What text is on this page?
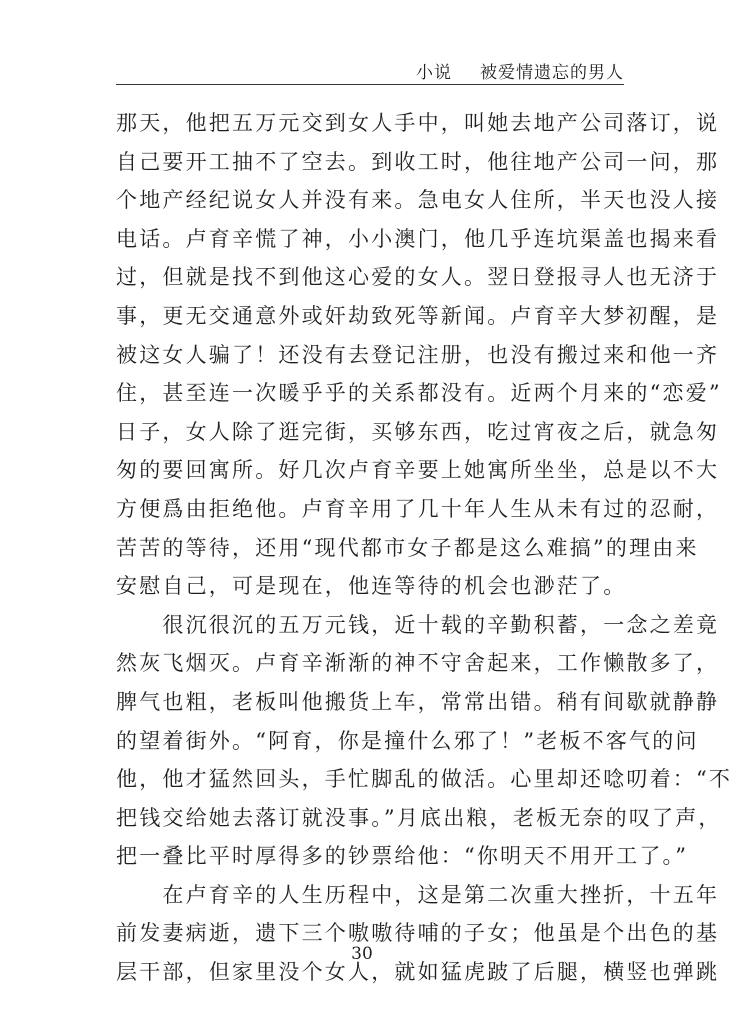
小说 被爱情遗忘的男人
那天，他把五万元交到女人手中，叫她去地产公司落订，说
自己要开工抽不了空去。到收工时，他往地产公司一问，那
个地产经纪说女人并没有来。急电女人住所，半天也没人接
电话。卢育辛慌了神，小小澳门，他几乎连坑渠盖也揭来看
过，但就是找不到他这心爱的女人。翌日登报寻人也无济于
事，更无交通意外或奸劫致死等新闻。卢育辛大梦初醒，是
被这女人骗了！还没有去登记注册，也没有搬过来和他一齐
住，甚至连一次暖乎乎的关系都没有。近两个月来的“恋爱”
日子，女人除了逛完街，买够东西，吃过宵夜之后，就急匆
匆的要回寓所。好几次卢育辛要上她寓所坐坐，总是以不大
方便爲由拒绝他。卢育辛用了几十年人生从未有过的忍耐，
苦苦的等待，还用“现代都市女子都是这么难搞”的理由来
安慰自己，可是现在，他连等待的机会也渺茫了。
　　很沉很沉的五万元钱，近十载的辛勤积蓄，一念之差竟
然灰飞烟灭。卢育辛渐渐的神不守舍起来，工作懒散多了，
脾气也粗，老板叫他搬货上车，常常出错。稍有间歇就静静
的望着街外。“阿育，你是撞什么邪了！”老板不客气的问
他，他才猛然回头，手忙脚乱的做活。心里却还唸叨着：“不
把钱交给她去落订就没事。”月底出粮，老板无奈的叹了声，
把一叠比平时厚得多的钞票给他：“你明天不用开工了。”
　　在卢育辛的人生历程中，这是第二次重大挫折，十五年
前发妻病逝，遗下三个嗷嗷待哺的子女；他虽是个出色的基
层干部，但家里没个女人，就如猛虎跛了后腿，横竖也弹跳
30
